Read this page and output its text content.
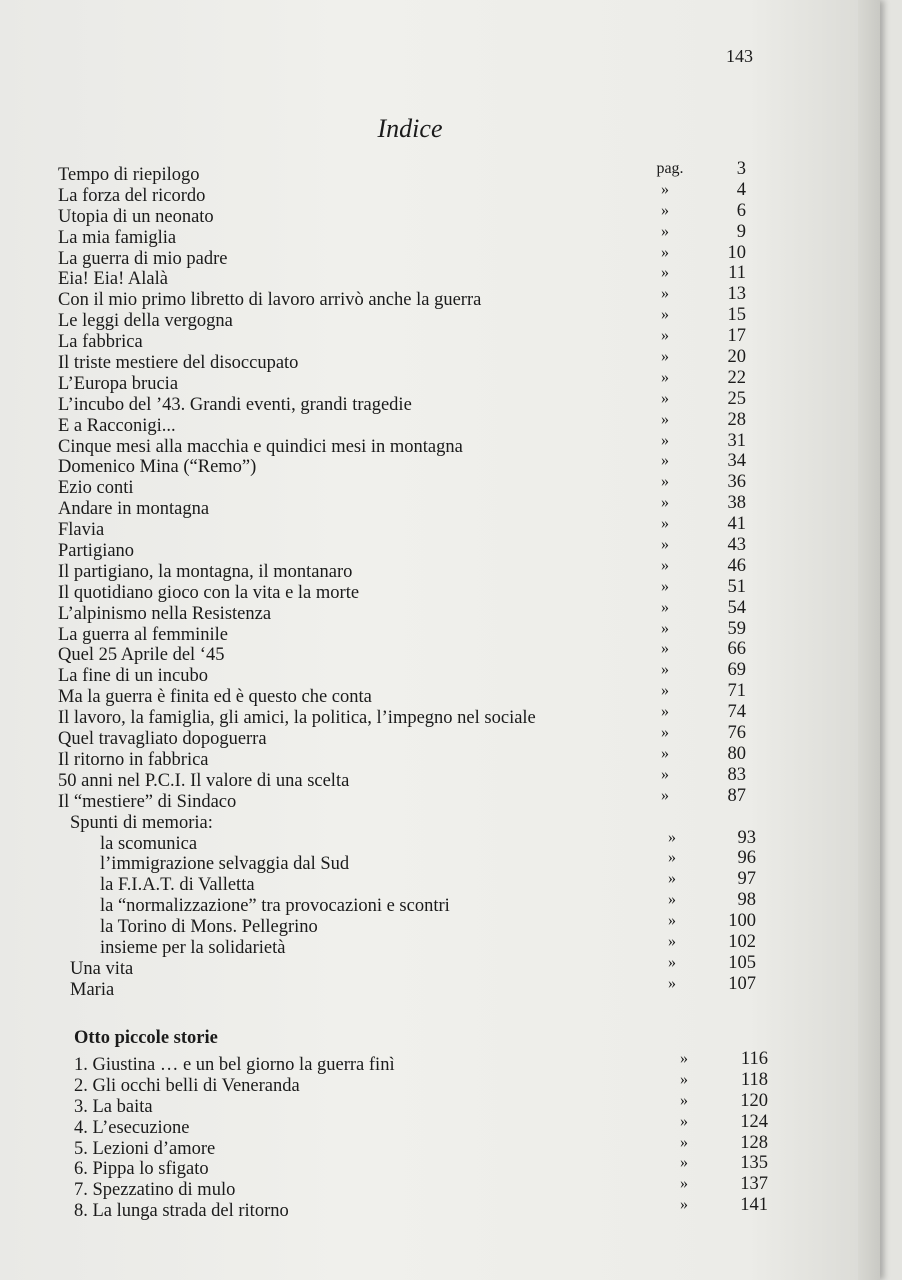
143
Indice
Tempo di riepilogo	pag.	3
La forza del ricordo	»	4
Utopia di un neonato	»	6
La mia famiglia	»	9
La guerra di mio padre	»	10
Eia! Eia! Alalà	»	11
Con il mio primo libretto di lavoro arrivò anche la guerra	»	13
Le leggi della vergogna	»	15
La fabbrica	»	17
Il triste mestiere del disoccupato	»	20
L’Europa brucia	»	22
L’incubo del ’43. Grandi eventi, grandi tragedie	»	25
E a Racconigi...	»	28
Cinque mesi alla macchia e quindici mesi in montagna	»	31
Domenico Mina (“Remo”)	»	34
Ezio conti	»	36
Andare in montagna	»	38
Flavia	»	41
Partigiano	»	43
Il partigiano, la montagna, il montanaro	»	46
Il quotidiano gioco con la vita e la morte	»	51
L’alpinismo nella Resistenza	»	54
La guerra al femminile	»	59
Quel 25 Aprile del ‘45	»	66
La fine di un incubo	»	69
Ma la guerra è finita ed è questo che conta	»	71
Il lavoro, la famiglia, gli amici, la politica, l’impegno nel sociale	»	74
Quel travagliato dopoguerra	»	76
Il ritorno in fabbrica	»	80
50 anni nel P.C.I. Il valore di una scelta	»	83
Il “mestiere” di Sindaco	»	87
Spunti di memoria:
la scomunica	»	93
l’immigrazione selvaggia dal Sud	»	96
la F.I.A.T. di Valletta	»	97
la “normalizzazione” tra provocazioni e scontri	»	98
la Torino di Mons. Pellegrino	»	100
insieme per la solidarietà	»	102
Una vita	»	105
Maria	»	107
Otto piccole storie
1. Giustina … e un bel giorno la guerra finì	»	116
2. Gli occhi belli di Veneranda	»	118
3. La baita	»	120
4. L’esecuzione	»	124
5. Lezioni d’amore	»	128
6. Pippa lo sfigato	»	135
7. Spezzatino di mulo	»	137
8. La lunga strada del ritorno	»	141
